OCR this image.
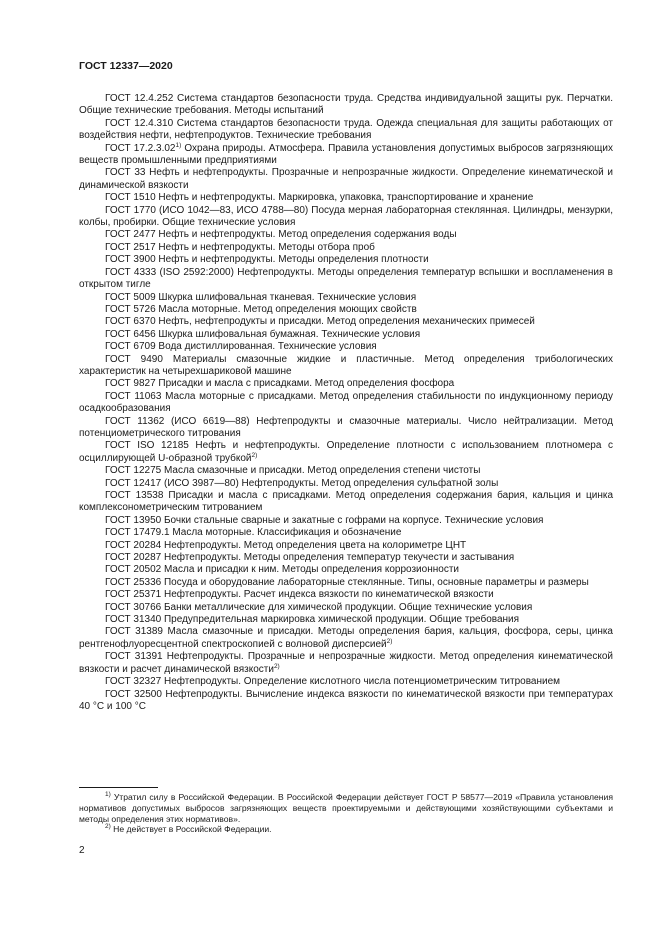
ГОСТ 12337—2020

ГОСТ 12.4.252 Система стандартов безопасности труда. Средства индивидуальной защиты рук. Перчатки. Общие технические требования. Методы испытаний

ГОСТ 12.4.310 Система стандартов безопасности труда. Одежда специальная для защиты работающих от воздействия нефти, нефтепродуктов. Технические требования

ГОСТ 17.2.3.02$^{1)}$ Охрана природы. Атмосфера. Правила установления допустимых выбросов загрязняющих веществ промышленными предприятиями

ГОСТ 33 Нефть и нефтепродукты. Прозрачные и непрозрачные жидкости. Определение кинематической и динамической вязкости

ГОСТ 1510 Нефть и нефтепродукты. Маркировка, упаковка, транспортирование и хранение

ГОСТ 1770 (ИСО 1042—83, ИСО 4788—80) Посуда мерная лабораторная стеклянная. Цилиндры, мензурки, колбы, пробирки. Общие технические условия

ГОСТ 2477 Нефть и нефтепродукты. Метод определения содержания воды

ГОСТ 2517 Нефть и нефтепродукты. Методы отбора проб

ГОСТ 3900 Нефть и нефтепродукты. Методы определения плотности

ГОСТ 4333 (ISO 2592:2000) Нефтепродукты. Методы определения температур вспышки и воспламенения в открытом тигле

ГОСТ 5009 Шкурка шлифовальная тканевая. Технические условия

ГОСТ 5726 Масла моторные. Метод определения моющих свойств

ГОСТ 6370 Нефть, нефтепродукты и присадки. Метод определения механических примесей

ГОСТ 6456 Шкурка шлифовальная бумажная. Технические условия

ГОСТ 6709 Вода дистиллированная. Технические условия

ГОСТ 9490 Материалы смазочные жидкие и пластичные. Метод определения трибологических характеристик на четырехшариковой машине

ГОСТ 9827 Присадки и масла с присадками. Метод определения фосфора

ГОСТ 11063 Масла моторные с присадками. Метод определения стабильности по индукционному периоду осадкообразования

ГОСТ 11362 (ИСО 6619—88) Нефтепродукты и смазочные материалы. Число нейтрализации. Метод потенциометрического титрования

ГОСТ ISO 12185 Нефть и нефтепродукты. Определение плотности с использованием плотномера с осциллирующей U-образной трубкой$^{2)}$

ГОСТ 12275 Масла смазочные и присадки. Метод определения степени чистоты

ГОСТ 12417 (ИСО 3987—80) Нефтепродукты. Метод определения сульфатной золы

ГОСТ 13538 Присадки и масла с присадками. Метод определения содержания бария, кальция и цинка комплексонометрическим титрованием

ГОСТ 13950 Бочки стальные сварные и закатные с гофрами на корпусе. Технические условия

ГОСТ 17479.1 Масла моторные. Классификация и обозначение

ГОСТ 20284 Нефтепродукты. Метод определения цвета на колориметре ЦНТ

ГОСТ 20287 Нефтепродукты. Методы определения температур текучести и застывания

ГОСТ 20502 Масла и присадки к ним. Методы определения коррозионности

ГОСТ 25336 Посуда и оборудование лабораторные стеклянные. Типы, основные параметры и размеры

ГОСТ 25371 Нефтепродукты. Расчет индекса вязкости по кинематической вязкости

ГОСТ 30766 Банки металлические для химической продукции. Общие технические условия

ГОСТ 31340 Предупредительная маркировка химической продукции. Общие требования

ГОСТ 31389 Масла смазочные и присадки. Методы определения бария, кальция, фосфора, серы, цинка рентгенофлуоресцентной спектроскопией с волновой дисперсией$^{2)}$

ГОСТ 31391 Нефтепродукты. Прозрачные и непрозрачные жидкости. Метод определения кинематической вязкости и расчет динамической вязкости$^{2)}$

ГОСТ 32327 Нефтепродукты. Определение кислотного числа потенциометрическим титрованием

ГОСТ 32500 Нефтепродукты. Вычисление индекса вязкости по кинематической вязкости при температурах 40 °С и 100 °С

$^{1)}$ Утратил силу в Российской Федерации. В Российской Федерации действует ГОСТ Р 58577—2019 «Правила установления нормативов допустимых выбросов загрязняющих веществ проектируемыми и действующими хозяйствующими субъектами и методы определения этих нормативов».

$^{2)}$ Не действует в Российской Федерации.

2
